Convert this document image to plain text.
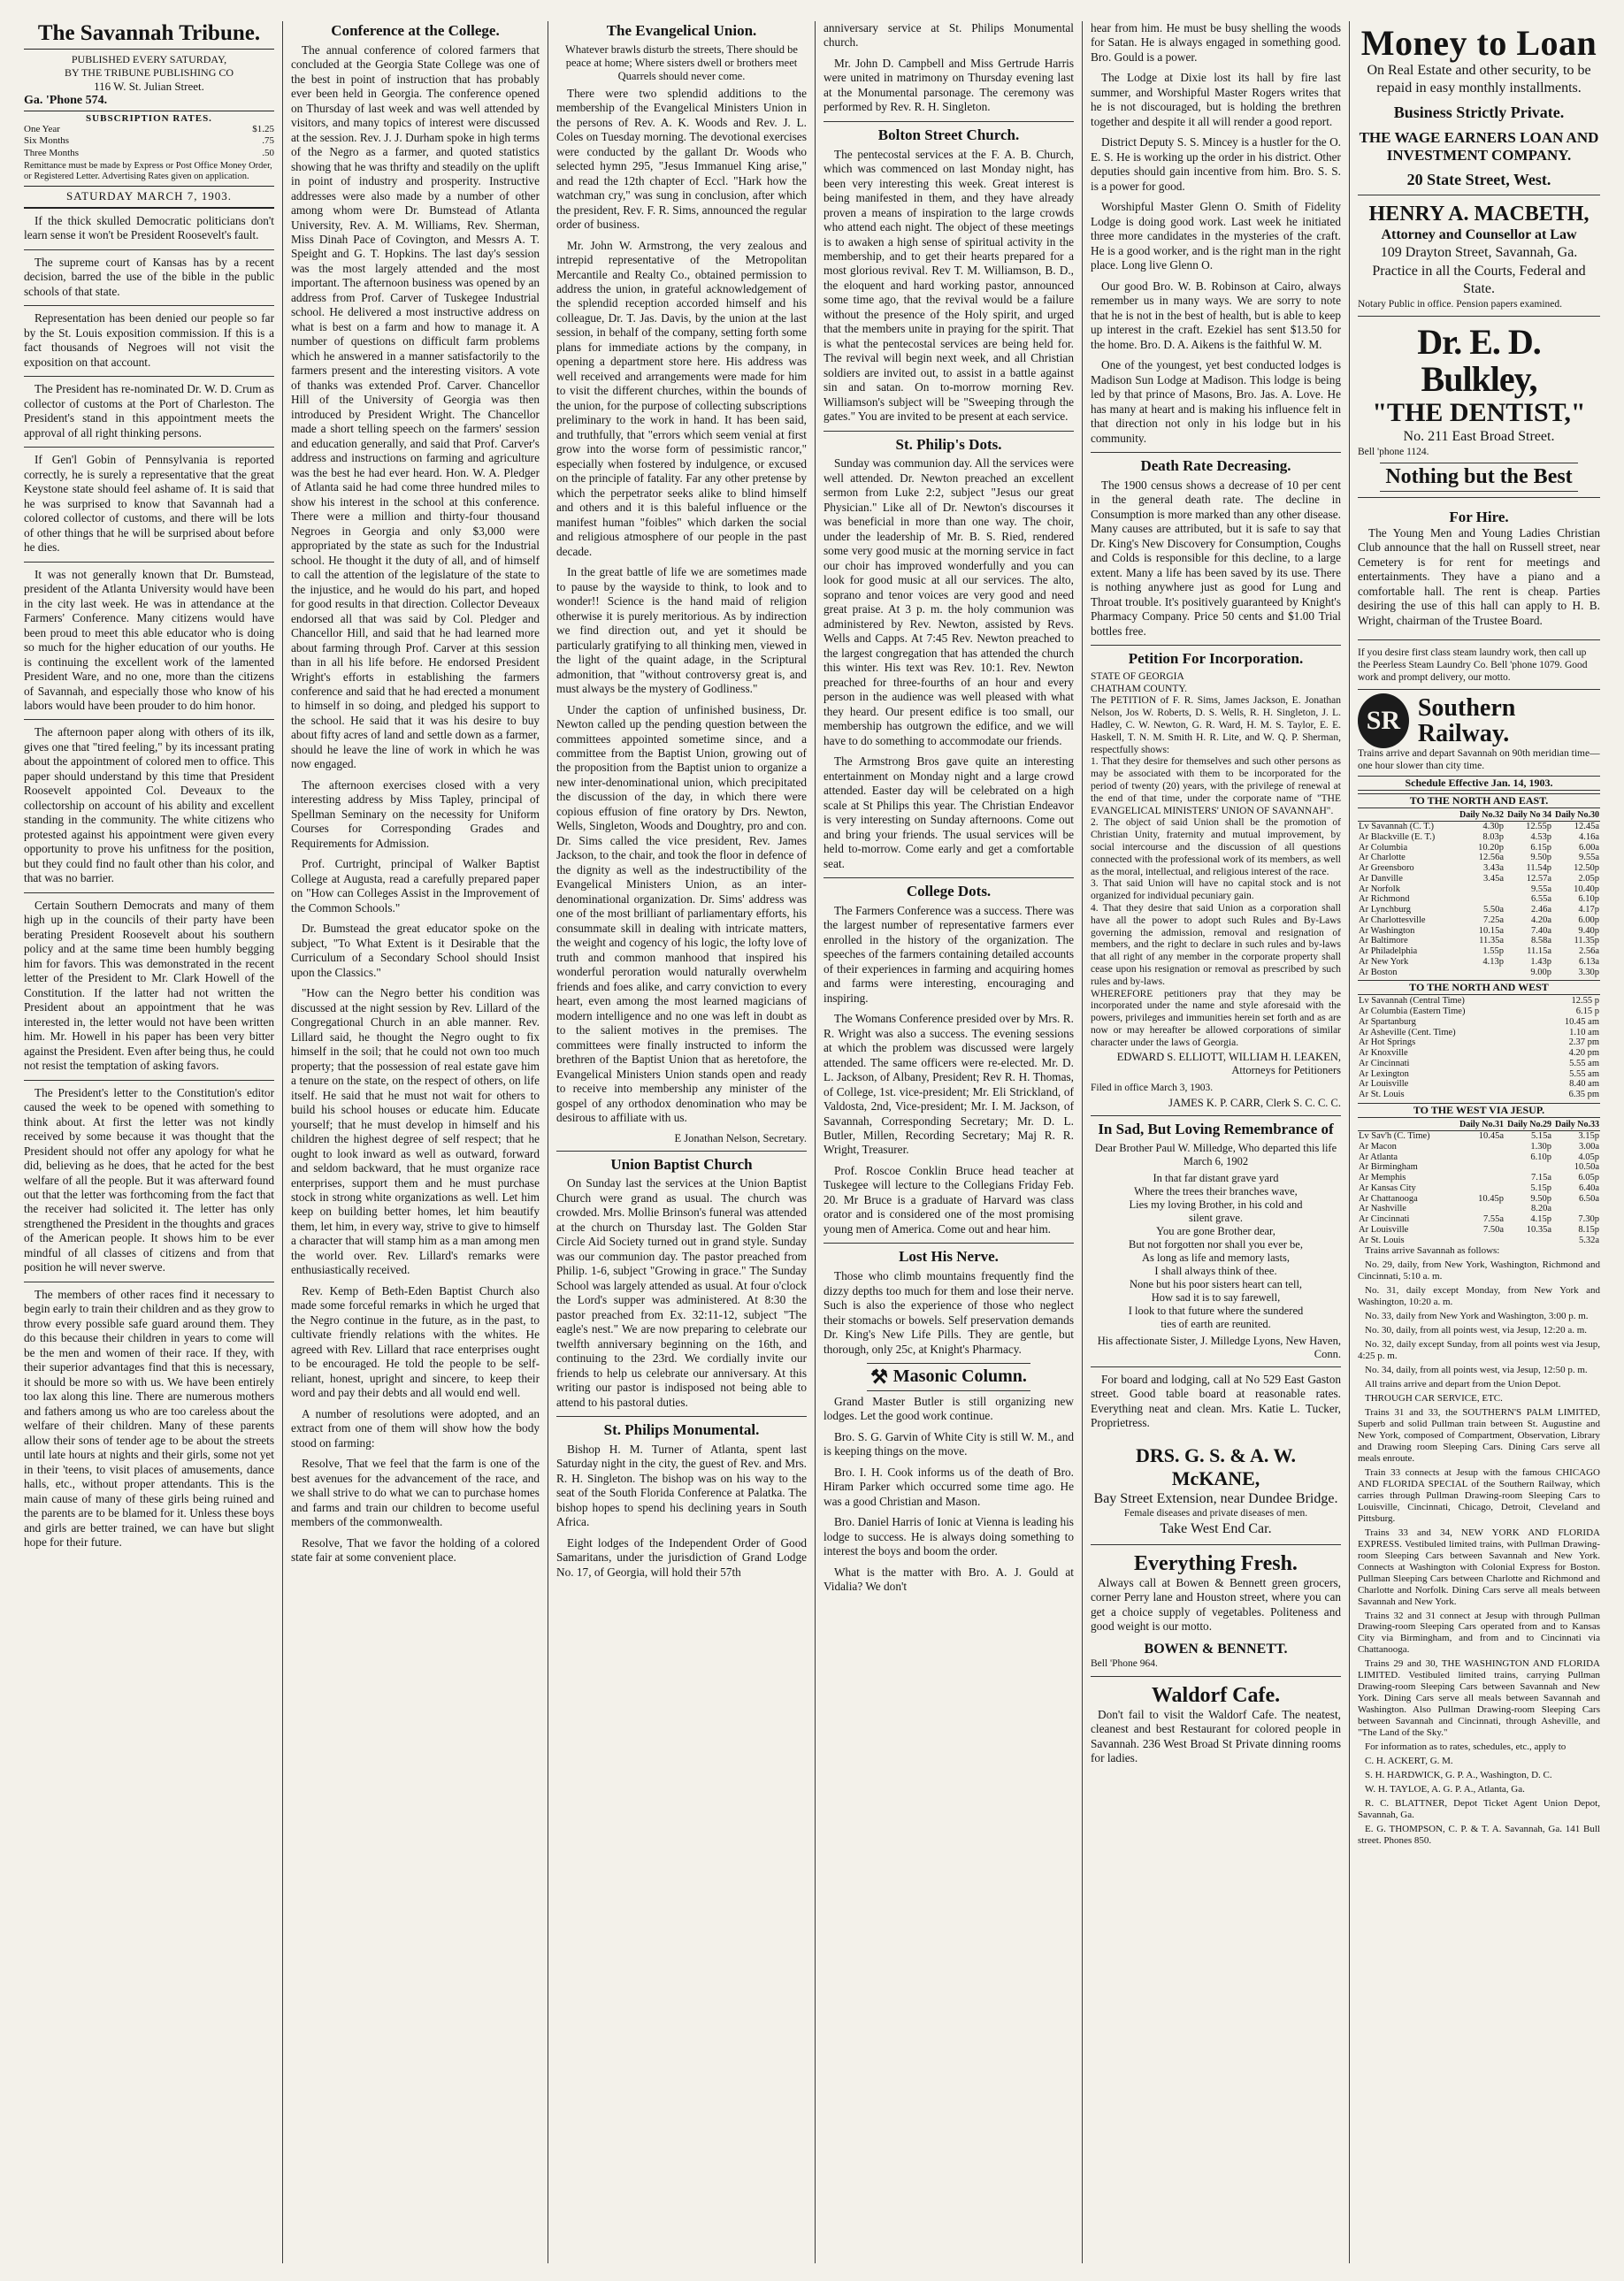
The Savannah Tribune.
PUBLISHED EVERY SATURDAY,
BY THE TRIBUNE PUBLISHING CO
116 W. St. Julian Street.
Ga. 'Phone 574.
SUBSCRIPTION RATES.
One Year	$1.25
Six Months	.75
Three Months	.50
Remittance must be made by Express or Post Office Money Order, or Registered Letter. Advertising Rates given on application.
SATURDAY MARCH 7, 1903.

If the thick skulled Democratic politicians don't learn sense it won't be President Roosevelt's fault.

The supreme court of Kansas has by a recent decision, barred the use of the bible in the public schools of that state.

Representation has been denied our people so far by the St. Louis exposition commission. If this is a fact thousands of Negroes will not visit the exposition on that account.

The President has re-nominated Dr. W. D. Crum as collector of customs at the Port of Charleston. The President's stand in this appointment meets the approval of all right thinking persons.

If Gen'l Gobin of Pennsylvania is reported correctly, he is surely a representative that the great Keystone state should feel ashame of. It is said that he was surprised to know that Savannah had a colored collector of customs, and there will be lots of other things that he will be surprised about before he dies.

It was not generally known that Dr. Bumstead, president of the Atlanta University would have been in the city last week. He was in attendance at the Farmers' Conference. Many citizens would have been proud to meet this able educator who is doing so much for the higher education of our youths. He is continuing the excellent work of the lamented President Ware, and no one, more than the citizens of Savannah, and especially those who know of his labors would have been prouder to do him honor.

The afternoon paper along with others of its ilk, gives one that "tired feeling," by its incessant prating about the appointment of colored men to office. This paper should understand by this time that President Roosevelt appointed Col. Deveaux to the collectorship on account of his ability and excellent standing in the community. The white citizens who protested against his appointment were given every opportunity to prove his unfitness for the position, but they could find no fault other than his color, and that was no barrier.

Certain Southern Democrats and many of them high up in the councils of their party have been berating President Roosevelt about his southern policy and at the same time been humbly begging him for favors. This was demonstrated in the recent letter of the President to Mr. Clark Howell of the Constitution. If the latter had not written the President about an appointment that he was interested in, the letter would not have been written him. Mr. Howell in his paper has been very bitter against the President. Even after being thus, he could not resist the temptation of asking favors.

The President's letter to the Constitution's editor caused the week to be opened with something to think about. At first the letter was not kindly received by some because it was thought that the President should not offer any apology for what he did, believing as he does, that he acted for the best welfare of all the people. But it was afterward found out that the letter was forthcoming from the fact that the receiver had solicited it. The letter has only strengthened the President in the thoughts and graces of the American people. It shows him to be ever mindful of all classes of citizens and from that position he will never swerve.

The members of other races find it necessary to begin early to train their children and as they grow to throw every possible safe guard around them. They do this because their children in years to come will be the men and women of their race. If they, with their superior advantages find that this is necessary, it should be more so with us. We have been entirely too lax along this line. There are numerous mothers and fathers among us who are too careless about the welfare of their children. Many of these parents allow their sons of tender age to be about the streets until late hours at nights and their girls, some not yet in their 'teens, to visit places of amusements, dance halls, etc., without proper attendants. This is the main cause of many of these girls being ruined and the parents are to be blamed for it. Unless these boys and girls are better trained, we can have but slight hope for their future.

Conference at the College.

The annual conference of colored farmers that concluded at the Georgia State College was one of the best in point of instruction that has probably ever been held in Georgia. The conference opened on Thursday of last week and was well attended by visitors, and many topics of interest were discussed at the session. Rev. J. J. Durham spoke in high terms of the Negro as a farmer, and quoted statistics showing that he was thrifty and steadily on the uplift in point of industry and prosperity. Instructive addresses were also made by a number of other among whom were Dr. Bumstead of Atlanta University, Rev. A. M. Williams, Rev. Sherman, Miss Dinah Pace of Covington, and Messrs A. T. Speight and G. T. Hopkins. The last day's session was the most largely attended and the most important. The afternoon business was opened by an address from Prof. Carver of Tuskegee Industrial school. He delivered a most instructive address on what is best on a farm and how to manage it. A number of questions on difficult farm problems which he answered in a manner satisfactorily to the farmers present and the interesting visitors. A vote of thanks was extended Prof. Carver. Chancellor Hill of the University of Georgia was then introduced by President Wright. The Chancellor made a short telling speech on the farmers' session and education generally, and said that Prof. Carver's address and instructions on farming and agriculture was the best he had ever heard. Hon. W. A. Pledger of Atlanta said he had come three hundred miles to show his interest in the school at this conference. There were a million and thirty-four thousand Negroes in Georgia and only $3,000 were appropriated by the state as such for the Industrial school. He thought it the duty of all, and of himself to call the attention of the legislature of the state to the injustice, and he would do his part, and hoped for good results in that direction. Collector Deveaux endorsed all that was said by Col. Pledger and Chancellor Hill, and said that he had learned more about farming through Prof. Carver at this session than in all his life before. He endorsed President Wright's efforts in establishing the farmers conference and said that he had erected a monument to himself in so doing, and pledged his support to the school. He said that it was his desire to buy about fifty acres of land and settle down as a farmer, should he leave the line of work in which he was now engaged.

The afternoon exercises closed with a very interesting address by Miss Tapley, principal of Spellman Seminary on the necessity for Uniform Courses for Corresponding Grades and Requirements for Admission.

Prof. Curtright, principal of Walker Baptist College at Augusta, read a carefully prepared paper on "How can Colleges Assist in the Improvement of the Common Schools."

Dr. Bumstead the great educator spoke on the subject, "To What Extent is it Desirable that the Curriculum of a Secondary School should Insist upon the Classics."

"How can the Negro better his condition was discussed at the night session by Rev. Lillard of the Congregational Church in an able manner. Rev. Lillard said, he thought the Negro ought to fix himself in the soil; that he could not own too much property; that the possession of real estate gave him a tenure on the state, on the respect of others, on life itself. He said that he must not wait for others to build his school houses or educate him. Educate yourself; that he must develop in himself and his children the highest degree of self respect; that he ought to look inward as well as outward, forward and seldom backward, that he must organize race enterprises, support them and he must purchase stock in strong white organizations as well. Let him keep on building better homes, let him beautify them, let him, in every way, strive to give to himself a character that will stamp him as a man among men the world over. Rev. Lillard's remarks were enthusiastically received.

Rev. Kemp of Beth-Eden Baptist Church also made some forceful remarks in which he urged that the Negro continue in the future, as in the past, to cultivate friendly relations with the whites. He agreed with Rev. Lillard that race enterprises ought to be encouraged. He told the people to be self-reliant, honest, upright and sincere, to keep their word and pay their debts and all would end well.

A number of resolutions were adopted, and an extract from one of them will show how the body stood on farming:

Resolve, That we feel that the farm is one of the best avenues for the advancement of the race, and we shall strive to do what we can to purchase homes and farms and train our children to become useful members of the commonwealth.

Resolve, That we favor the holding of a colored state fair at some convenient place.

The Evangelical Union.
Whatever brawls disturb the streets, There should be peace at home; Where sisters dwell or brothers meet Quarrels should never come.

There were two splendid additions to the membership of the Evangelical Ministers Union in the persons of Rev. A. K. Woods and Rev. J. L. Coles on Tuesday morning. The devotional exercises were conducted by the gallant Dr. Woods who selected hymn 295, "Jesus Immanuel King arise," and read the 12th chapter of Eccl. "Hark how the watchman cry," was sung in conclusion, after which the president, Rev. F. R. Sims, announced the regular order of business.

Mr. John W. Armstrong, the very zealous and intrepid representative of the Metropolitan Mercantile and Realty Co., obtained permission to address the union, in grateful acknowledgement of the splendid reception accorded himself and his colleague, Dr. T. Jas. Davis, by the union at the last session, in behalf of the company, setting forth some plans for immediate actions by the company, in opening a department store here. His address was well received and arrangements were made for him to visit the different churches, within the bounds of the union, for the purpose of collecting subscriptions preliminary to the work in hand. It has been said, and truthfully, that "errors which seem venial at first grow into the worse form of pessimistic rancor," especially when fostered by indulgence, or excused on the principle of fatality. Far any other pretense by which the perpetrator seeks alike to blind himself and others and it is this baleful influence or the manifest human "foibles" which darken the social and religious atmosphere of our people in the past decade.

In the great battle of life we are sometimes made to pause by the wayside to think, to look and to wonder!! Science is the hand maid of religion otherwise it is purely meritorious. As by indirection we find direction out, and yet it should be particularly gratifying to all thinking men, viewed in the light of the quaint adage, in the Scriptural admonition, that "without controversy great is, and must always be the mystery of Godliness."

Under the caption of unfinished business, Dr. Newton called up the pending question between the committees appointed sometime since, and a committee from the Baptist Union, growing out of the proposition from the Baptist union to organize a new inter-denominational union, which precipitated the discussion of the day, in which there were copious effusion of fine oratory by Drs. Newton, Wells, Singleton, Woods and Doughtry, pro and con. Dr. Sims called the vice president, Rev. James Jackson, to the chair, and took the floor in defence of the dignity as well as the indestructibility of the Evangelical Ministers Union, as an inter-denominational organization. Dr. Sims' address was one of the most brilliant of parliamentary efforts, his consummate skill in dealing with intricate matters, the weight and cogency of his logic, the lofty love of truth and common manhood that inspired his wonderful peroration would naturally overwhelm friends and foes alike, and carry conviction to every heart, even among the most learned magicians of modern intelligence and no one was left in doubt as to the salient motives in the premises. The committees were finally instructed to inform the brethren of the Baptist Union that as heretofore, the Evangelical Ministers Union stands open and ready to receive into membership any minister of the gospel of any orthodox denomination who may be desirous to affiliate with us.

E Jonathan Nelson, Secretary.
Union Baptist Church

On Sunday last the services at the Union Baptist Church were grand as usual. The church was crowded. Mrs. Mollie Brinson's funeral was attended at the church on Thursday last. The Golden Star Circle Aid Society turned out in grand style. Sunday was our communion day. The pastor preached from Philip. 1-6, subject "Growing in grace." The Sunday School was largely attended as usual. At four o'clock the Lord's supper was administered. At 8:30 the pastor preached from Ex. 32:11-12, subject "The eagle's nest." We are now preparing to celebrate our twelfth anniversary beginning on the 16th, and continuing to the 23rd. We cordially invite our friends to help us celebrate our anniversary. At this writing our pastor is indisposed not being able to attend to his pastoral duties.

St. Philips Monumental.

Bishop H. M. Turner of Atlanta, spent last Saturday night in the city, the guest of Rev. and Mrs. R. H. Singleton. The bishop was on his way to the seat of the South Florida Conference at Palatka. The bishop hopes to spend his declining years in South Africa.

Eight lodges of the Independent Order of Good Samaritans, under the jurisdiction of Grand Lodge No. 17, of Georgia, will hold their 57th

anniversary service at St. Philips Monumental church.

Mr. John D. Campbell and Miss Gertrude Harris were united in matrimony on Thursday evening last at the Monumental parsonage. The ceremony was performed by Rev. R. H. Singleton.

Bolton Street Church.

The pentecostal services at the F. A. B. Church, which was commenced on last Monday night, has been very interesting this week. Great interest is being manifested in them, and they have already proven a means of inspiration to the large crowds who attend each night. The object of these meetings is to awaken a high sense of spiritual activity in the membership, and to get their hearts prepared for a most glorious revival. Rev T. M. Williamson, B. D., the eloquent and hard working pastor, announced some time ago, that the revival would be a failure without the presence of the Holy spirit, and urged that the members unite in praying for the spirit. That is what the pentecostal services are being held for. The revival will begin next week, and all Christian soldiers are invited out, to assist in a battle against sin and satan. On to-morrow morning Rev. Williamson's subject will be "Sweeping through the gates." You are invited to be present at each service.

St. Philip's Dots.

Sunday was communion day. All the services were well attended. Dr. Newton preached an excellent sermon from Luke 2:2, subject "Jesus our great Physician." Like all of Dr. Newton's discourses it was beneficial in more than one way. The choir, under the leadership of Mr. B. S. Ried, rendered some very good music at the morning service in fact our choir has improved wonderfully and you can look for good music at all our services. The alto, soprano and tenor voices are very good and need great praise. At 3 p. m. the holy communion was administered by Rev. Newton, assisted by Revs. Wells and Capps. At 7:45 Rev. Newton preached to the largest congregation that has attended the church this winter. His text was Rev. 10:1. Rev. Newton preached for three-fourths of an hour and every person in the audience was well pleased with what they heard. Our present edifice is too small, our membership has outgrown the edifice, and we will have to do something to accommodate our friends.

The Armstrong Bros gave quite an interesting entertainment on Monday night and a large crowd attended. Easter day will be celebrated on a high scale at St Philips this year. The Christian Endeavor is very interesting on Sunday afternoons. Come out and bring your friends. The usual services will be held to-morrow. Come early and get a comfortable seat.

College Dots.

The Farmers Conference was a success. There was the largest number of representative farmers ever enrolled in the history of the organization. The speeches of the farmers containing detailed accounts of their experiences in farming and acquiring homes and farms were interesting, encouraging and inspiring.

The Womans Conference presided over by Mrs. R. R. Wright was also a success. The evening sessions at which the problem was discussed were largely attended. The same officers were re-elected. Mr. D. L. Jackson, of Albany, President; Rev R. H. Thomas, of College, 1st. vice-president; Mr. Eli Strickland, of Valdosta, 2nd, Vice-president; Mr. I. M. Jackson, of Savannah, Corresponding Secretary; Mr. D. L. Butler, Millen, Recording Secretary; Maj R. R. Wright, Treasurer.

Prof. Roscoe Conklin Bruce head teacher at Tuskegee will lecture to the Collegians Friday Feb. 20. Mr Bruce is a graduate of Harvard was class orator and is considered one of the most promising young men of America. Come out and hear him.

Lost His Nerve.

Those who climb mountains frequently find the dizzy depths too much for them and lose their nerve. Such is also the experience of those who neglect their stomachs or bowels. Self preservation demands Dr. King's New Life Pills. They are gentle, but thorough, only 25c, at Knight's Pharmacy.

⚒ Masonic Column.

Grand Master Butler is still organizing new lodges. Let the good work continue.

Bro. S. G. Garvin of White City is still W. M., and is keeping things on the move.

Bro. I. H. Cook informs us of the death of Bro. Hiram Parker which occurred some time ago. He was a good Christian and Mason.

Bro. Daniel Harris of Ionic at Vienna is leading his lodge to success. He is always doing something to interest the boys and boom the order.

What is the matter with Bro. A. J. Gould at Vidalia? We don't

hear from him. He must be busy shelling the woods for Satan. He is always engaged in something good. Bro. Gould is a power.

The Lodge at Dixie lost its hall by fire last summer, and Worshipful Master Rogers writes that he is not discouraged, but is holding the brethren together and despite it all will render a good report.

District Deputy S. S. Mincey is a hustler for the O. E. S. He is working up the order in his district. Other deputies should gain incentive from him. Bro. S. S. is a power for good.

Worshipful Master Glenn O. Smith of Fidelity Lodge is doing good work. Last week he initiated three more candidates in the mysteries of the craft. He is a good worker, and is the right man in the right place. Long live Glenn O.

Our good Bro. W. B. Robinson at Cairo, always remember us in many ways. We are sorry to note that he is not in the best of health, but is able to keep up interest in the craft. Ezekiel has sent $13.50 for the home. Bro. D. A. Aikens is the faithful W. M.

One of the youngest, yet best conducted lodges is Madison Sun Lodge at Madison. This lodge is being led by that prince of Masons, Bro. Jas. A. Love. He has many at heart and is making his influence felt in that direction not only in his lodge but in his community.

Death Rate Decreasing.

The 1900 census shows a decrease of 10 per cent in the general death rate. The decline in Consumption is more marked than any other disease. Many causes are attributed, but it is safe to say that Dr. King's New Discovery for Consumption, Coughs and Colds is responsible for this decline, to a large extent. Many a life has been saved by its use. There is nothing anywhere just as good for Lung and Throat trouble. It's positively guaranteed by Knight's Pharmacy Company. Price 50 cents and $1.00 Trial bottles free.

Petition For Incorporation.
STATE OF GEORGIA
CHATHAM COUNTY.
The PETITION of F. R. Sims, James Jackson, E. Jonathan Nelson, Jos W. Roberts, D. S. Wells, R. H. Singleton, J. L. Hadley, C. W. Newton, G. R. Ward, H. M. S. Taylor, E. E. Haskell, T. N. M. Smith H. R. Lite, and W. Q. P. Sherman, respectfully shows:
1. That they desire for themselves and such other persons as may be associated with them to be incorporated for the period of twenty (20) years, with the privilege of renewal at the end of that time, under the corporate name of "THE EVANGELICAL MINISTERS' UNION OF SAVANNAH".
2. The object of said Union shall be the promotion of Christian Unity, fraternity and mutual improvement, by social intercourse and the discussion of all questions connected with the professional work of its members, as well as the moral, intellectual, and religious interest of the race.
3. That said Union will have no capital stock and is not organized for individual pecuniary gain.
4. That they desire that said Union as a corporation shall have all the power to adopt such Rules and By-Laws governing the admission, removal and resignation of members, and the right to declare in such rules and by-laws that all right of any member in the corporate property shall cease upon his resignation or removal as prescribed by such rules and by-laws.
WHEREFORE petitioners pray that they may be incorporated under the name and style aforesaid with the powers, privileges and immunities herein set forth and as are now or may hereafter be allowed corporations of similar character under the laws of Georgia.
EDWARD S. ELLIOTT, WILLIAM H. LEAKEN, Attorneys for Petitioners
Filed in office March 3, 1903.
JAMES K. P. CARR, Clerk S. C. C. C.
In Sad, But Loving Remembrance of
Dear Brother Paul W. Milledge, Who departed this life March 6, 1902
In that far distant grave yard
Where the trees their branches wave,
Lies my loving Brother, in his cold and
silent grave.
You are gone Brother dear,
But not forgotten nor shall you ever be,
As long as life and memory lasts,
I shall always think of thee.
None but his poor sisters heart can tell,
How sad it is to say farewell,
I look to that future where the sundered
ties of earth are reunited.
His affectionate Sister, J. Milledge Lyons, New Haven, Conn.

For board and lodging, call at No 529 East Gaston street. Good table board at reasonable rates. Everything neat and clean. Mrs. Katie L. Tucker, Proprietress.

DRS. G. S. & A. W. McKANE,
Bay Street Extension, near Dundee Bridge.
Female diseases and private diseases of men.
Take West End Car.
Everything Fresh.

Always call at Bowen & Bennett green grocers, corner Perry lane and Houston street, where you can get a choice supply of vegetables. Politeness and good weight is our motto.

BOWEN & BENNETT.
Bell 'Phone 964.
Waldorf Cafe.

Don't fail to visit the Waldorf Cafe. The neatest, cleanest and best Restaurant for colored people in Savannah. 236 West Broad St Private dinning rooms for ladies.

Money to Loan
On Real Estate and other security, to be repaid in easy monthly installments.
Business Strictly Private.
THE WAGE EARNERS LOAN AND INVESTMENT COMPANY.
20 State Street, West.
HENRY A. MACBETH,
Attorney and Counsellor at Law
109 Drayton Street, Savannah, Ga.
Practice in all the Courts, Federal and State.
Notary Public in office. Pension papers examined.
Dr. E. D. Bulkley,
"THE DENTIST,"
No. 211 East Broad Street.
Bell 'phone 1124.
Nothing but the Best
For Hire.

The Young Men and Young Ladies Christian Club announce that the hall on Russell street, near Cemetery is for rent for meetings and entertainments. They have a piano and a comfortable hall. The rent is cheap. Parties desiring the use of this hall can apply to H. B. Wright, chairman of the Trustee Board.

If you desire first class steam laundry work, then call up the Peerless Steam Laundry Co. Bell 'phone 1079. Good work and prompt delivery, our motto.
SR Southern Railway.
Trains arrive and depart Savannah on 90th meridian time—one hour slower than city time.
Schedule Effective Jan. 14, 1903.
TO THE NORTH AND EAST.
	Daily No.32	Daily No 34	Daily No.30
Lv Savannah (C. T.)	4.30p	12.55p	12.45a
Ar Blackville (E. T.)	8.03p	4.53p	4.16a
Ar Columbia	10.20p	6.15p	6.00a
Ar Charlotte	12.56a	9.50p	9.55a
Ar Greensboro	3.43a	11.54p	12.50p
Ar Danville	3.45a	12.57a	2.05p
Ar Norfolk		9.55a	10.40p
Ar Richmond		6.55a	6.10p
Ar Lynchburg	5.50a	2.46a	4.17p
Ar Charlottesville	7.25a	4.20a	6.00p
Ar Washington	10.15a	7.40a	9.40p
Ar Baltimore	11.35a	8.58a	11.35p
Ar Philadelphia	1.55p	11.15a	2.56a
Ar New York	4.13p	1.43p	6.13a
Ar Boston		9.00p	3.30p
TO THE NORTH AND WEST
Lv Savannah (Central Time)	12.55 p
Ar Columbia (Eastern Time)	6.15 p
Ar Spartanburg	10.45 am
Ar Asheville (Cent. Time)	1.10 am
Ar Hot Springs	2.37 pm
Ar Knoxville	4.20 pm
Ar Cincinnati	5.55 am
Ar Lexington	5.55 am
Ar Louisville	8.40 am
Ar St. Louis	6.35 pm
TO THE WEST VIA JESUP.
	Daily No.31	Daily No.29	Daily No.33
Lv Sav'h (C. Time)	10.45a	5.15a	3.15p
Ar Macon		1.30p	3.00a
Ar Atlanta		6.10p	4.05p
Ar Birmingham			10.50a
Ar Memphis		7.15a	6.05p
Ar Kansas City		5.15p	6.40a
Ar Chattanooga	10.45p	9.50p	6.50a
Ar Nashville		8.20a	
Ar Cincinnati	7.55a	4.15p	7.30p
Ar Louisville	7.50a	10.35a	8.15p
Ar St. Louis			5.32a

Trains arrive Savannah as follows:

No. 29, daily, from New York, Washington, Richmond and Cincinnati, 5:10 a. m.

No. 31, daily except Monday, from New York and Washington, 10:20 a. m.

No. 33, daily from New York and Washington, 3:00 p. m.

No. 30, daily, from all points west, via Jesup, 12:20 a. m.

No. 32, daily except Sunday, from all points west via Jesup, 4:25 p. m.

No. 34, daily, from all points west, via Jesup, 12:50 p. m.

All trains arrive and depart from the Union Depot.

THROUGH CAR SERVICE, ETC.

Trains 31 and 33, the SOUTHERN'S PALM LIMITED, Superb and solid Pullman train between St. Augustine and New York, composed of Compartment, Observation, Library and Drawing room Sleeping Cars. Dining Cars serve all meals enroute.

Train 33 connects at Jesup with the famous CHICAGO AND FLORIDA SPECIAL of the Southern Railway, which carries through Pullman Drawing-room Sleeping Cars to Louisville, Cincinnati, Chicago, Detroit, Cleveland and Pittsburg.

Trains 33 and 34, NEW YORK AND FLORIDA EXPRESS. Vestibuled limited trains, with Pullman Drawing-room Sleeping Cars between Savannah and New York. Connects at Washington with Colonial Express for Boston. Pullman Sleeping Cars between Charlotte and Richmond and Charlotte and Norfolk. Dining Cars serve all meals between Savannah and New York.

Trains 32 and 31 connect at Jesup with through Pullman Drawing-room Sleeping Cars operated from and to Kansas City via Birmingham, and from and to Cincinnati via Chattanooga.

Trains 29 and 30, THE WASHINGTON AND FLORIDA LIMITED. Vestibuled limited trains, carrying Pullman Drawing-room Sleeping Cars between Savannah and New York. Dining Cars serve all meals between Savannah and Washington. Also Pullman Drawing-room Sleeping Cars between Savannah and Cincinnati, through Asheville, and "The Land of the Sky."

For information as to rates, schedules, etc., apply to

C. H. ACKERT, G. M.

S. H. HARDWICK, G. P. A., Washington, D. C.

W. H. TAYLOE, A. G. P. A., Atlanta, Ga.

R. C. BLATTNER, Depot Ticket Agent Union Depot, Savannah, Ga.

E. G. THOMPSON, C. P. & T. A. Savannah, Ga. 141 Bull street. Phones 850.
